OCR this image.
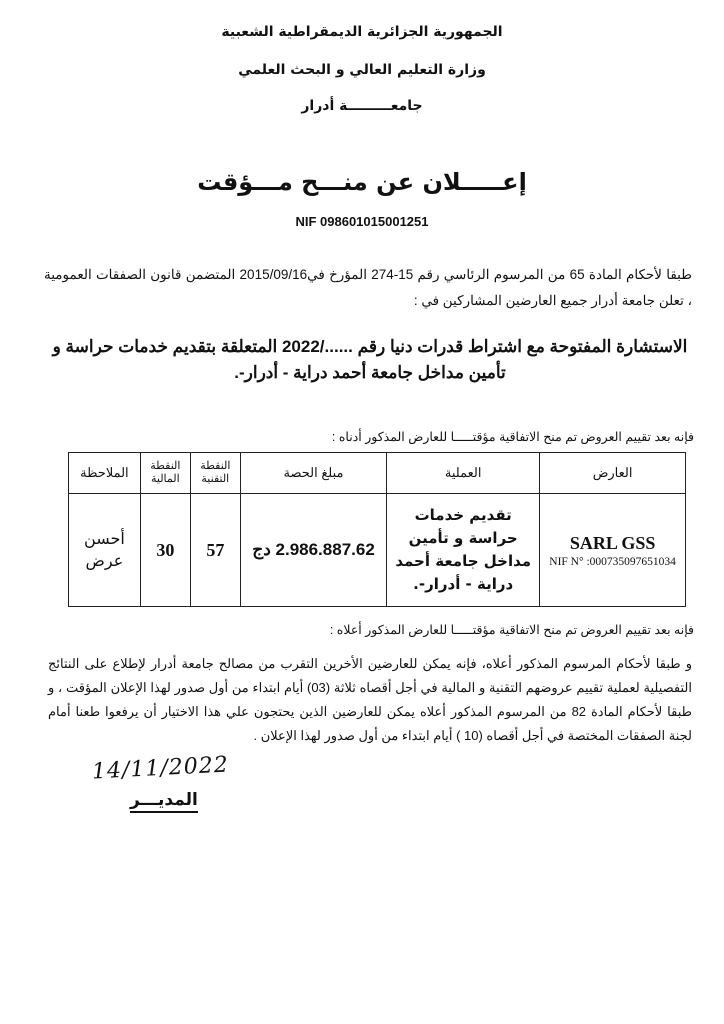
الجمهورية الجزائرية الديمقراطية الشعبية
وزارة التعليم العالي و البحث العلمي
جامعـــــــــة أدرار
إعـــــلان عن منـــح مـــؤقت
NIF 098601015001251
طبقا لأحكام المادة 65 من المرسوم الرئاسي رقم 15-274 المؤرخ في2015/09/16 المتضمن قانون الصفقات العمومية ، تعلن جامعة أدرار جميع العارضين المشاركين في :
الاستشارة المفتوحة مع اشتراط قدرات دنيا رقم ....../2022 المتعلقة بتقديم خدمات حراسة و تأمين مداخل جامعة أحمد دراية - أدرار-.
فإنه بعد تقييم العروض تم منح الاتفاقية مؤقتـــــا للعارض المذكور أدناه :
العارض	العملية	مبلغ الحصة	النقطة التقنية	النقطة المالية	الملاحظة

SARL GSS
NIF N° :000735097651034	تقديم خدمات حراسة و تأمين مداخل جامعة أحمد دراية - أدرار-.	2.986.887.62 دج	57	30	أحسن عرض
فإنه بعد تقييم العروض تم منح الاتفاقية مؤقتـــــا للعارض المذكور أعلاه :
و طبقا لأحكام المرسوم المذكور أعلاه، فإنه يمكن للعارضين الأخرين التقرب من مصالح جامعة أدرار لإطلاع على النتائج التفصيلية لعملية تقييم عروضهم التقنية و المالية في أجل أقصاه ثلاثة (03) أيام ابتداء من أول صدور لهذا الإعلان المؤقت ، و طبقا لأحكام المادة 82 من المرسوم المذكور أعلاه يمكن للعارضين الذين يحتجون علي هذا الاختيار أن يرفعوا طعنا أمام لجنة الصفقات المختصة في أجل أقصاه (10 ) أيام ابتداء من أول صدور لهذا الإعلان .
14/11/2022
المديـــر
